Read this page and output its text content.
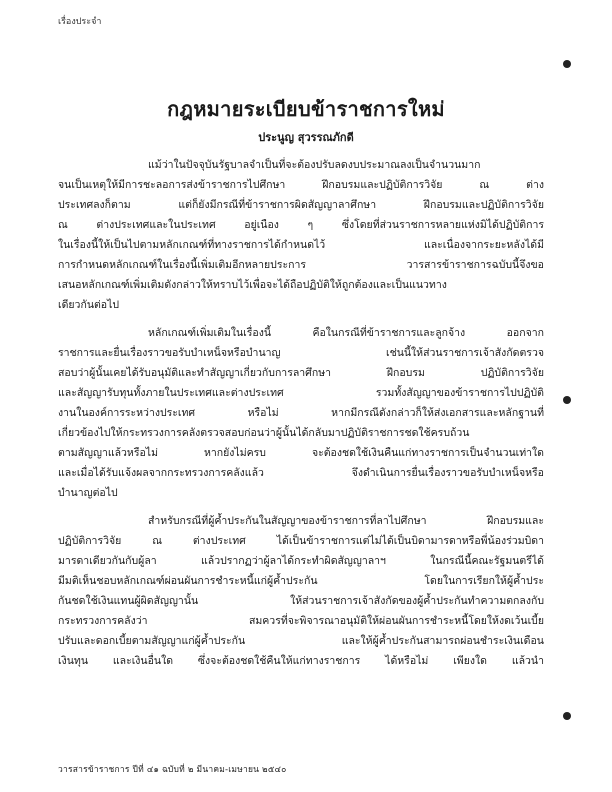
เรื่องประจำ
กฎหมายระเบียบข้าราชการใหม่
ประนูญ สุวรรณภักดี
แม้ว่าในปัจจุบันรัฐบาลจำเป็นที่จะต้องปรับลดงบประมาณลงเป็นจำนวนมาก
จนเป็นเหตุให้มีการชะลอการส่งข้าราชการไปศึกษา ฝึกอบรมและปฏิบัติการวิจัย ณ ต่าง
ประเทศลงก็ตาม แต่ก็ยังมีกรณีที่ข้าราชการผิดสัญญาลาศึกษา ฝึกอบรมและปฏิบัติการวิจัย
ณ ต่างประเทศและในประเทศ อยู่เนือง ๆ ซึ่งโดยที่ส่วนราชการหลายแห่งมิได้ปฏิบัติการ
ในเรื่องนี้ให้เป็นไปตามหลักเกณฑ์ที่ทางราชการได้กำหนดไว้ และเนื่องจากระยะหลังได้มี
การกำหนดหลักเกณฑ์ในเรื่องนี้เพิ่มเติมอีกหลายประการ วารสารข้าราชการฉบับนี้จึงขอ
เสนอหลักเกณฑ์เพิ่มเติมดังกล่าวให้ทราบไว้เพื่อจะได้ถือปฏิบัติให้ถูกต้องและเป็นแนวทาง
เดียวกันต่อไป
หลักเกณฑ์เพิ่มเติมในเรื่องนี้ คือในกรณีที่ข้าราชการและลูกจ้าง ออกจาก
ราชการและยื่นเรื่องราวขอรับบำเหน็จหรือบำนาญ เช่นนี้ให้ส่วนราชการเจ้าสังกัดตรวจ
สอบว่าผู้นั้นเคยได้รับอนุมัติและทำสัญญาเกี่ยวกับการลาศึกษา ฝึกอบรม ปฏิบัติการวิจัย
และสัญญารับทุนทั้งภายในประเทศและต่างประเทศ รวมทั้งสัญญาของข้าราชการไปปฏิบัติ
งานในองค์การระหว่างประเทศ หรือไม่ หากมีกรณีดังกล่าวก็ให้ส่งเอกสารและหลักฐานที่
เกี่ยวข้องไปให้กระทรวงการคลังตรวจสอบก่อนว่าผู้นั้นได้กลับมาปฏิบัติราชการชดใช้ครบถ้วน
ตามสัญญาแล้วหรือไม่ หากยังไม่ครบ จะต้องชดใช้เงินคืนแก่ทางราชการเป็นจำนวนเท่าใด
และเมื่อได้รับแจ้งผลจากกระทรวงการคลังแล้ว จึงดำเนินการยื่นเรื่องราวขอรับบำเหน็จหรือ
บำนาญต่อไป
สำหรับกรณีที่ผู้ค้ำประกันในสัญญาของข้าราชการที่ลาไปศึกษา ฝึกอบรมและ
ปฏิบัติการวิจัย ณ ต่างประเทศ ได้เป็นข้าราชการแต่ไม่ได้เป็นบิดามารดาหรือพี่น้องร่วมบิดา
มารดาเดียวกันกับผู้ลา แล้วปรากฏว่าผู้ลาได้กระทำผิดสัญญาลาฯ ในกรณีนี้คณะรัฐมนตรีได้
มีมติเห็นชอบหลักเกณฑ์ผ่อนผันการชำระหนี้แก่ผู้ค้ำประกัน โดยในการเรียกให้ผู้ค้ำประ
กันชดใช้เงินแทนผู้ผิดสัญญานั้น ให้ส่วนราชการเจ้าสังกัดของผู้ค้ำประกันทำความตกลงกับ
กระทรวงการคลังว่า สมควรที่จะพิจารณาอนุมัติให้ผ่อนผันการชำระหนี้โดยให้งดเว้นเบี้ย
ปรับและดอกเบี้ยตามสัญญาแก่ผู้ค้ำประกัน และให้ผู้ค้ำประกันสามารถผ่อนชำระเงินเดือน
เงินทุน และเงินอื่นใด ซึ่งจะต้องชดใช้คืนให้แก่ทางราชการ ได้หรือไม่ เพียงใด แล้วนำ
วารสารข้าราชการ ปีที่ ๔๑ ฉบับที่ ๒ มีนาคม-เมษายน ๒๕๔๐
